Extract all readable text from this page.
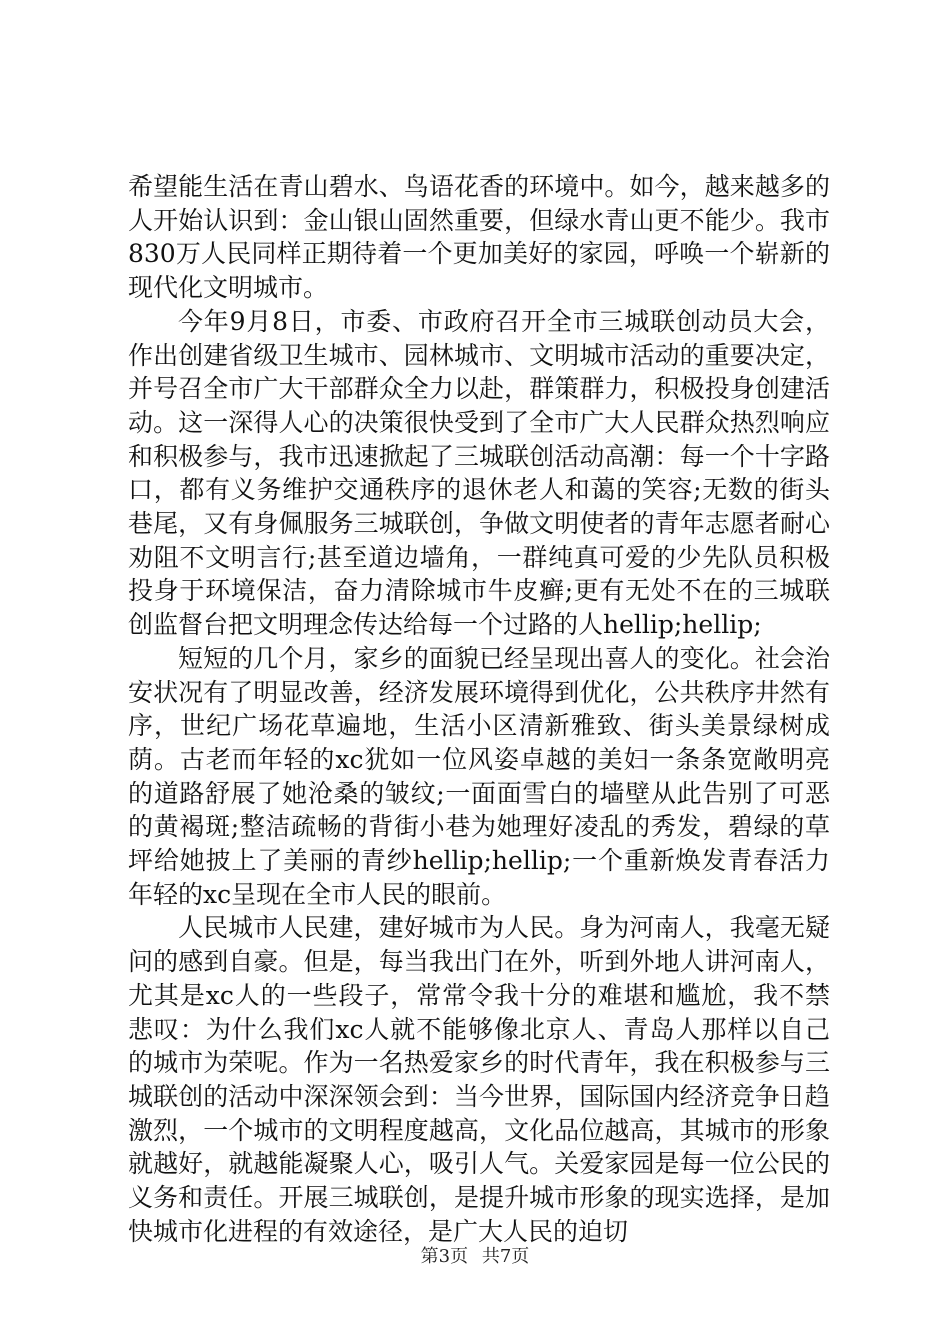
希望能生活在青山碧水、鸟语花香的环境中。如今，越来越多的人开始认识到：金山银山固然重要，但绿水青山更不能少。我市830万人民同样正期待着一个更加美好的家园，呼唤一个崭新的现代化文明城市。

今年9月8日，市委、市政府召开全市三城联创动员大会，作出创建省级卫生城市、园林城市、文明城市活动的重要决定，并号召全市广大干部群众全力以赴，群策群力，积极投身创建活动。这一深得人心的决策很快受到了全市广大人民群众热烈响应和积极参与，我市迅速掀起了三城联创活动高潮：每一个十字路口，都有义务维护交通秩序的退休老人和蔼的笑容;无数的街头巷尾，又有身佩服务三城联创，争做文明使者的青年志愿者耐心劝阻不文明言行;甚至道边墙角，一群纯真可爱的少先队员积极投身于环境保洁，奋力清除城市牛皮癣;更有无处不在的三城联创监督台把文明理念传达给每一个过路的人hellip;hellip;

短短的几个月，家乡的面貌已经呈现出喜人的变化。社会治安状况有了明显改善，经济发展环境得到优化，公共秩序井然有序，世纪广场花草遍地，生活小区清新雅致、街头美景绿树成荫。古老而年轻的xc犹如一位风姿卓越的美妇一条条宽敞明亮的道路舒展了她沧桑的皱纹;一面面雪白的墙壁从此告别了可恶的黄褐斑;整洁疏畅的背街小巷为她理好凌乱的秀发，碧绿的草坪给她披上了美丽的青纱hellip;hellip;一个重新焕发青春活力年轻的xc呈现在全市人民的眼前。

人民城市人民建，建好城市为人民。身为河南人，我毫无疑问的感到自豪。但是，每当我出门在外，听到外地人讲河南人，尤其是xc人的一些段子，常常令我十分的难堪和尴尬，我不禁悲叹：为什么我们xc人就不能够像北京人、青岛人那样以自己的城市为荣呢。作为一名热爱家乡的时代青年，我在积极参与三城联创的活动中深深领会到：当今世界，国际国内经济竞争日趋激烈，一个城市的文明程度越高，文化品位越高，其城市的形象就越好，就越能凝聚人心，吸引人气。关爱家园是每一位公民的义务和责任。开展三城联创，是提升城市形象的现实选择，是加快城市化进程的有效途径，是广大人民的迫切

第3页 共7页
